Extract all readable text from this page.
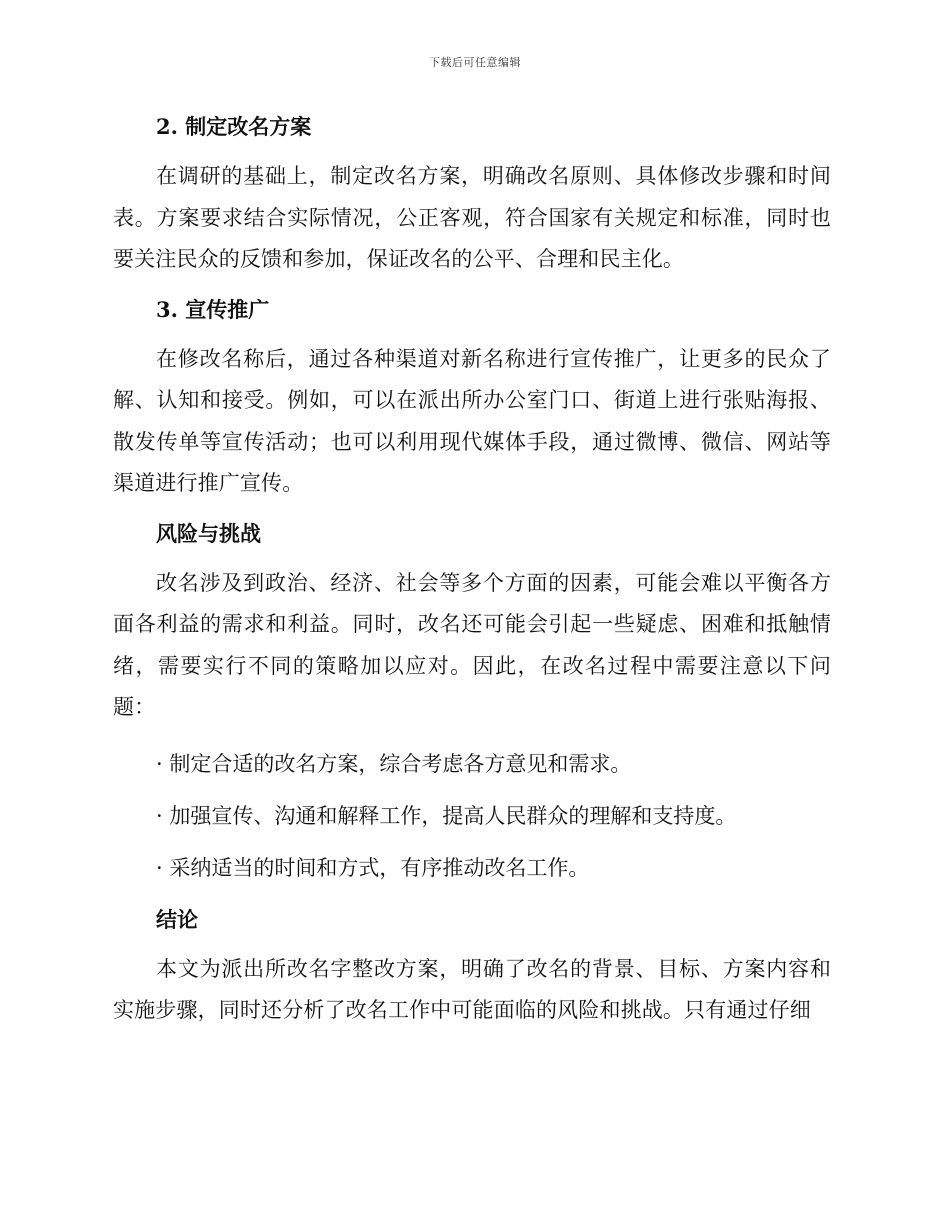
下载后可任意编辑
2. 制定改名方案

在调研的基础上，制定改名方案，明确改名原则、具体修改步骤和时间表。方案要求结合实际情况，公正客观，符合国家有关规定和标准，同时也要关注民众的反馈和参加，保证改名的公平、合理和民主化。

3. 宣传推广

在修改名称后，通过各种渠道对新名称进行宣传推广，让更多的民众了解、认知和接受。例如，可以在派出所办公室门口、街道上进行张贴海报、散发传单等宣传活动；也可以利用现代媒体手段，通过微博、微信、网站等渠道进行推广宣传。

风险与挑战

改名涉及到政治、经济、社会等多个方面的因素，可能会难以平衡各方面各利益的需求和利益。同时，改名还可能会引起一些疑虑、困难和抵触情绪，需要实行不同的策略加以应对。因此，在改名过程中需要注意以下问题：

· 制定合适的改名方案，综合考虑各方意见和需求。

· 加强宣传、沟通和解释工作，提高人民群众的理解和支持度。

· 采纳适当的时间和方式，有序推动改名工作。

结论

本文为派出所改名字整改方案，明确了改名的背景、目标、方案内容和实施步骤，同时还分析了改名工作中可能面临的风险和挑战。只有通过仔细
